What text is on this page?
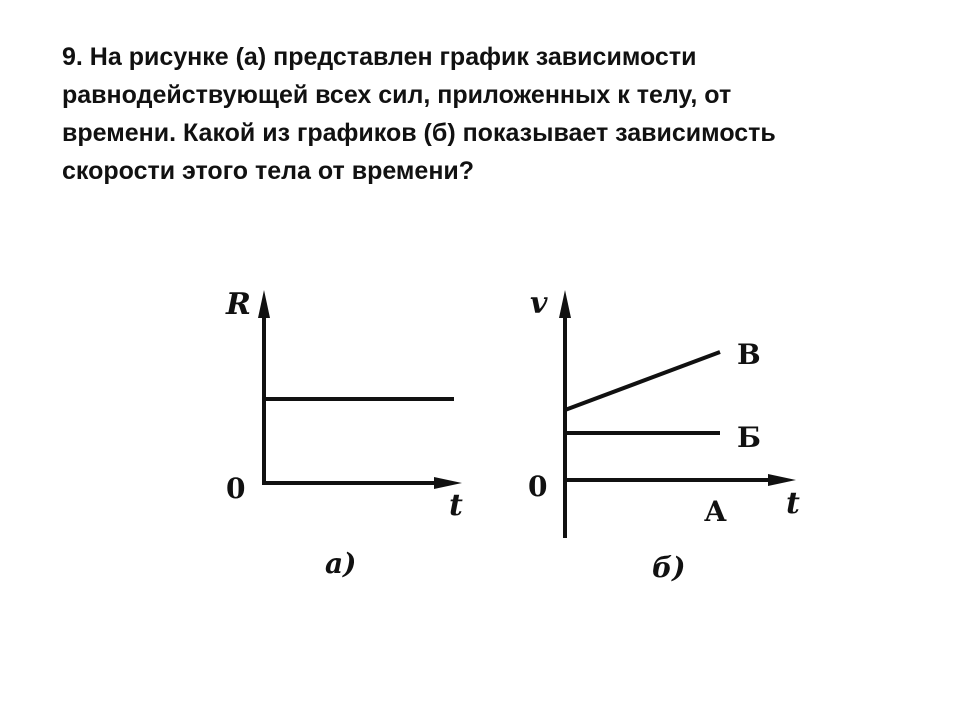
9. На рисунке (а) представлен график зависимости
равнодействующей всех сил, приложенных к телу, от
времени. Какой из графиков (б) показывает зависимость
скорости этого тела от времени?
R
0	t
а)
v
0	t
В
Б
А
б)
